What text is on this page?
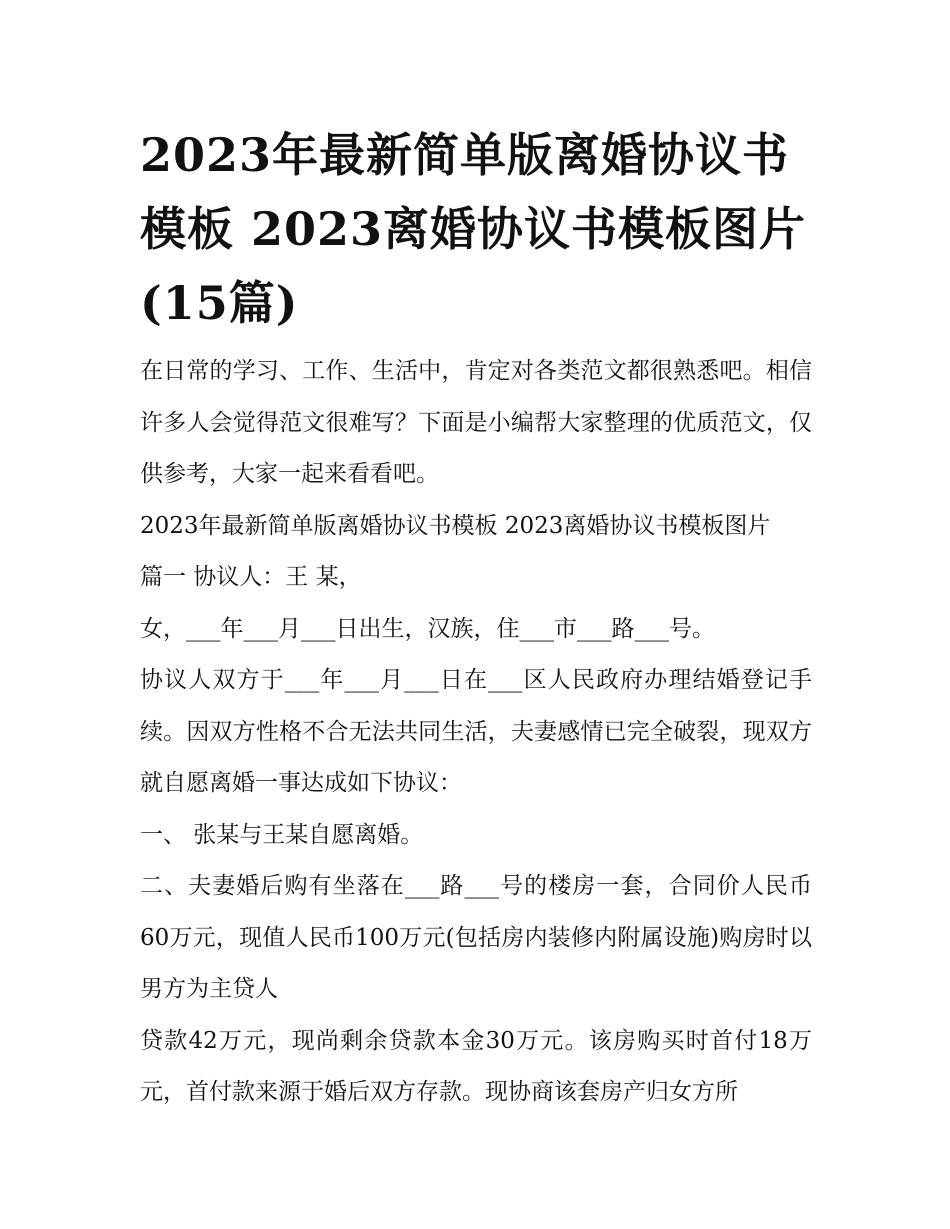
2023年最新简单版离婚协议书模板 2023离婚协议书模板图片(15篇)

在日常的学习、工作、生活中，肯定对各类范文都很熟悉吧。相信许多人会觉得范文很难写？下面是小编帮大家整理的优质范文，仅供参考，大家一起来看看吧。

2023年最新简单版离婚协议书模板 2023离婚协议书模板图片

篇一 协议人：王 某，

女，___年___月___日出生，汉族，住___市___路___号。

协议人双方于___年___月___日在___区人民政府办理结婚登记手续。因双方性格不合无法共同生活，夫妻感情已完全破裂，现双方就自愿离婚一事达成如下协议：

一、 张某与王某自愿离婚。

二、夫妻婚后购有坐落在___路___号的楼房一套，合同价人民币60万元，现值人民币100万元(包括房内装修内附属设施)购房时以男方为主贷人

贷款42万元，现尚剩余贷款本金30万元。该房购买时首付18万元，首付款来源于婚后双方存款。现协商该套房产归女方所
